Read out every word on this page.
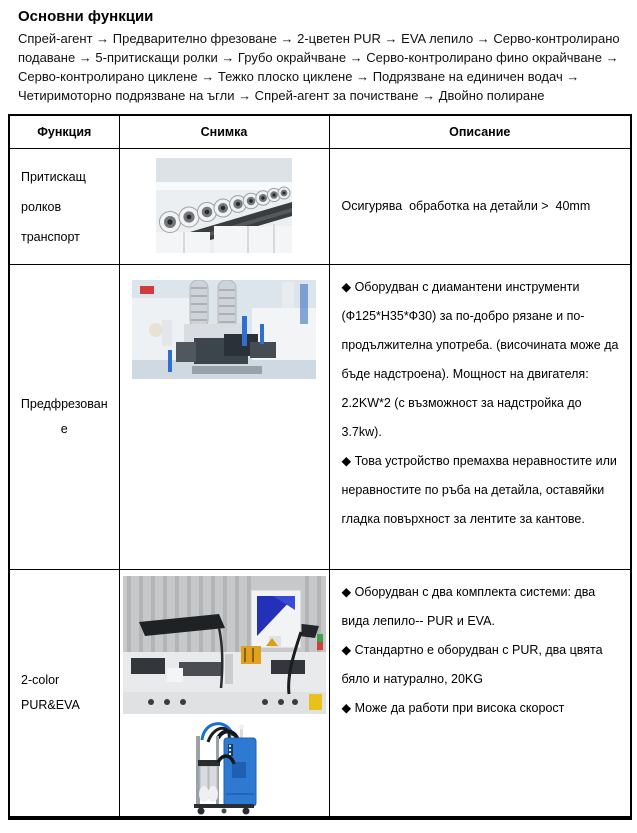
Основни функции

Спрей-агент → Предварително фрезоване → 2-цветен PUR → EVA лепило → Серво-контролирано подаване → 5-притискащи ролки → Грубо окрайчване → Серво-контролирано фино окрайчване → Серво-контролирано циклене → Тежко плоско циклене → Подрязване на единичен водач → Четиримоторно подрязване на ъгли → Спрей-агент за почистване → Двойно полиране

Функция	Снимка	Описание
Притискащ ролков транспорт		Осигурява  обработка на детайли >  40mm

Предфрезоване		◆ Оборудван с диамантени инструменти (Ф125*H35*Ф30) за по-добро рязане и по-продължителна употреба. (височината може да бъде надстроена). Мощност на двигателя: 2.2KW*2 (с възможност за надстройка до 3.7kw).

◆ Това устройство премахва неравностите или неравностите по ръба на детайла, оставяйки гладка повърхност за лентите за кантове.

2-color PUR&EVA		◆ Оборудван с два комплекта системи: два вида лепило-- PUR и EVA.

◆ Стандартно е оборудван с PUR, два цвята бяло и натурално, 20KG

◆ Може да работи при висока скорост
